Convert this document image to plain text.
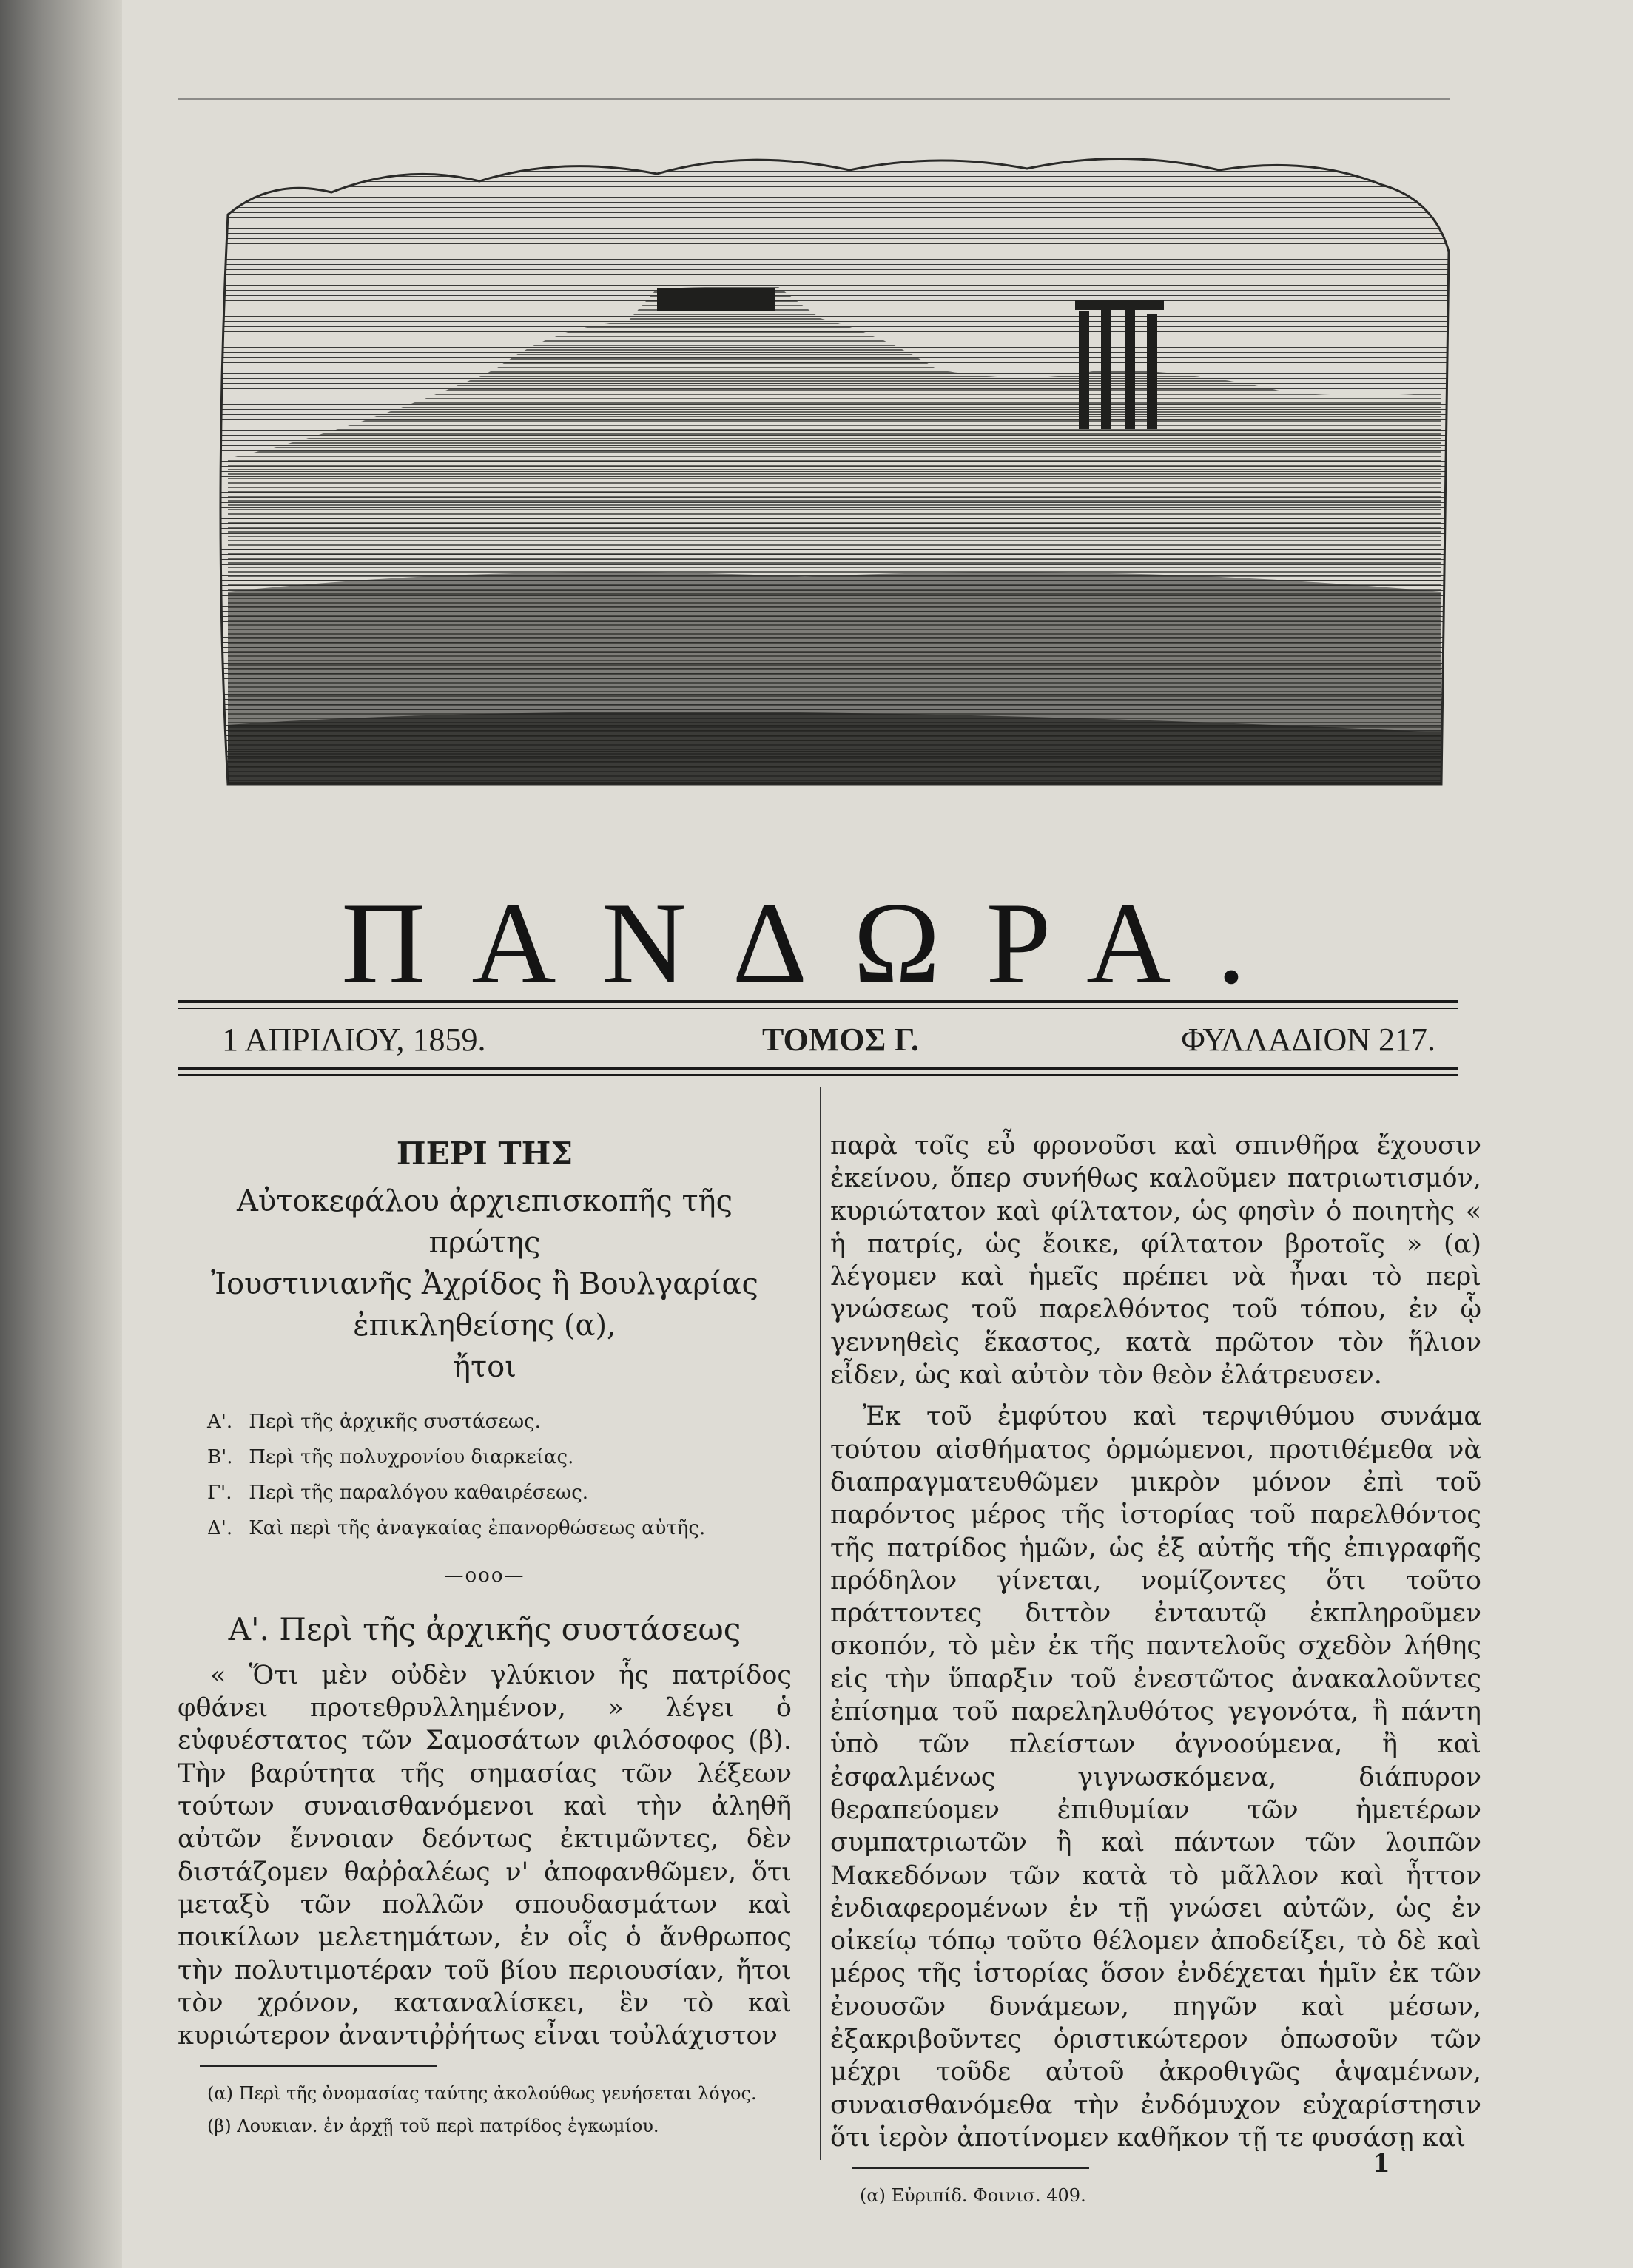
ΠΑΝΔΩΡΑ.
1 ΑΠΡΙΛΙΟΥ, 1859.	ΤΟΜΟΣ Γ.	ΦΥΛΛΑΔΙΟΝ 217.
ΠΕΡΙ ΤΗΣ
Αὐτοκεφάλου ἀρχιεπισκοπῆς τῆς πρώτης
Ἰουστινιανῆς Ἀχρίδος ἢ Βουλγαρίας
ἐπικληθείσης (α),
ἤτοι
Α'. Περὶ τῆς ἀρχικῆς συστάσεως.
Β'. Περὶ τῆς πολυχρονίου διαρκείας.
Γ'. Περὶ τῆς παραλόγου καθαιρέσεως.
Δ'. Καὶ περὶ τῆς ἀναγκαίας ἐπανορθώσεως αὐτῆς.
—οοο—
Α'. Περὶ τῆς ἀρχικῆς συστάσεως

« Ὅτι μὲν οὐδὲν γλύκιον ἧς πατρίδος φθάνει προτεθρυλλημένον, » λέγει ὁ εὐφυέστατος τῶν Σαμοσάτων φιλόσοφος (β). Τὴν βαρύτητα τῆς σημασίας τῶν λέξεων τούτων συναισθανόμενοι καὶ τὴν ἀληθῆ αὐτῶν ἔννοιαν δεόντως ἐκτιμῶντες, δὲν διστάζομεν θαῤῥαλέως ν' ἀποφανθῶμεν, ὅτι μεταξὺ τῶν πολλῶν σπουδασμάτων καὶ ποικίλων μελετημάτων, ἐν οἷς ὁ ἄνθρωπος τὴν πολυτιμοτέραν τοῦ βίου περιουσίαν, ἤτοι τὸν χρόνον, καταναλίσκει, ἓν τὸ καὶ κυριώτερον ἀναντιῤῥήτως εἶναι τοὐλάχιστον

(α) Περὶ τῆς ὀνομασίας ταύτης ἀκολούθως γενήσεται λόγος.
(β) Λουκιαν. ἐν ἀρχῇ τοῦ περὶ πατρίδος ἐγκωμίου.

παρὰ τοῖς εὖ φρονοῦσι καὶ σπινθῆρα ἔχουσιν ἐκείνου, ὅπερ συνήθως καλοῦμεν πατριωτισμόν, κυριώτατον καὶ φίλτατον, ὡς φησὶν ὁ ποιητὴς « ἡ πατρίς, ὡς ἔοικε, φίλτατον βροτοῖς » (α) λέγομεν καὶ ἡμεῖς πρέπει νὰ ἦναι τὸ περὶ γνώσεως τοῦ παρελθόντος τοῦ τόπου, ἐν ᾧ γεννηθεὶς ἕκαστος, κατὰ πρῶτον τὸν ἥλιον εἶδεν, ὡς καὶ αὐτὸν τὸν θεὸν ἐλάτρευσεν.

Ἐκ τοῦ ἐμφύτου καὶ τερψιθύμου συνάμα τούτου αἰσθήματος ὁρμώμενοι, προτιθέμεθα νὰ διαπραγματευθῶμεν μικρὸν μόνον ἐπὶ τοῦ παρόντος μέρος τῆς ἱστορίας τοῦ παρελθόντος τῆς πατρίδος ἡμῶν, ὡς ἐξ αὐτῆς τῆς ἐπιγραφῆς πρόδηλον γίνεται, νομίζοντες ὅτι τοῦτο πράττοντες διττὸν ἐνταυτῷ ἐκπληροῦμεν σκοπόν, τὸ μὲν ἐκ τῆς παντελοῦς σχεδὸν λήθης εἰς τὴν ὕπαρξιν τοῦ ἐνεστῶτος ἀνακαλοῦντες ἐπίσημα τοῦ παρεληλυθότος γεγονότα, ἢ πάντη ὑπὸ τῶν πλείστων ἀγνοούμενα, ἢ καὶ ἐσφαλμένως γιγνωσκόμενα, διάπυρον θεραπεύομεν ἐπιθυμίαν τῶν ἡμετέρων συμπατριωτῶν ἢ καὶ πάντων τῶν λοιπῶν Μακεδόνων τῶν κατὰ τὸ μᾶλλον καὶ ἧττον ἐνδιαφερομένων ἐν τῇ γνώσει αὐτῶν, ὡς ἐν οἰκείῳ τόπῳ τοῦτο θέλομεν ἀποδείξει, τὸ δὲ καὶ μέρος τῆς ἱστορίας ὅσον ἐνδέχεται ἡμῖν ἐκ τῶν ἐνουσῶν δυνάμεων, πηγῶν καὶ μέσων, ἐξακριβοῦντες ὁριστικώτερον ὁπωσοῦν τῶν μέχρι τοῦδε αὐτοῦ ἀκροθιγῶς ἁψαμένων, συναισθανόμεθα τὴν ἐνδόμυχον εὐχαρίστησιν ὅτι ἱερὸν ἀποτίνομεν καθῆκον τῇ τε φυσάσῃ καὶ

(α) Εὐριπίδ. Φοινισ. 409.
1
